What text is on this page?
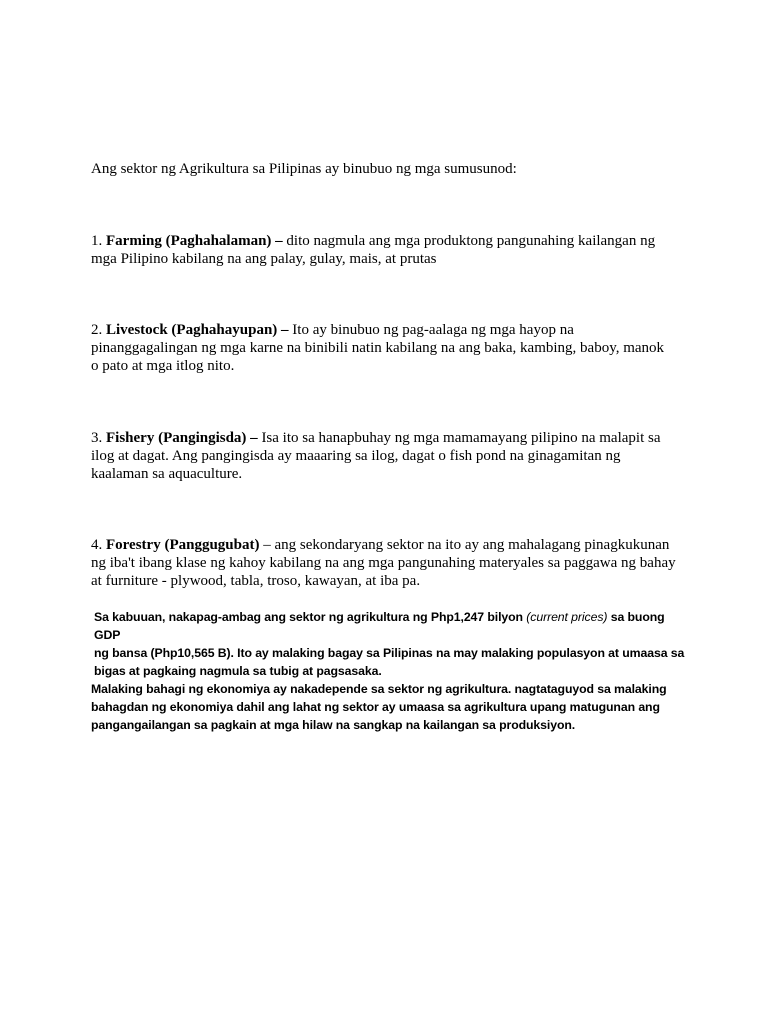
Ang sektor ng Agrikultura sa Pilipinas ay binubuo ng mga sumusunod:

1. Farming (Paghahalaman) – dito nagmula ang mga produktong pangunahing kailangan ng
mga Pilipino kabilang na ang palay, gulay, mais, at prutas

2. Livestock (Paghahayupan) – Ito ay binubuo ng pag-aalaga ng mga hayop na
pinanggagalingan ng mga karne na binibili natin kabilang na ang baka, kambing, baboy, manok
o pato at mga itlog nito.

3. Fishery (Pangingisda) – Isa ito sa hanapbuhay ng mga mamamayang pilipino na malapit sa
ilog at dagat. Ang pangingisda ay maaaring sa ilog, dagat o fish pond na ginagamitan ng
kaalaman sa aquaculture.

4. Forestry (Panggugubat) – ang sekondaryang sektor na ito ay ang mahalagang pinagkukunan
ng iba't ibang klase ng kahoy kabilang na ang mga pangunahing materyales sa paggawa ng bahay
at furniture - plywood, tabla, troso, kawayan, at iba pa.

Sa kabuuan, nakapag-ambag ang sektor ng agrikultura ng Php1,247 bilyon (current prices) sa buong GDP
ng bansa (Php10,565 B). Ito ay malaking bagay sa Pilipinas na may malaking populasyon at umaasa sa
bigas at pagkaing nagmula sa tubig at pagsasaka.

Malaking bahagi ng ekonomiya ay nakadepende sa sektor ng agrikultura. nagtataguyod sa malaking
bahagdan ng ekonomiya dahil ang lahat ng sektor ay umaasa sa agrikultura upang matugunan ang
pangangailangan sa pagkain at mga hilaw na sangkap na kailangan sa produksiyon.
